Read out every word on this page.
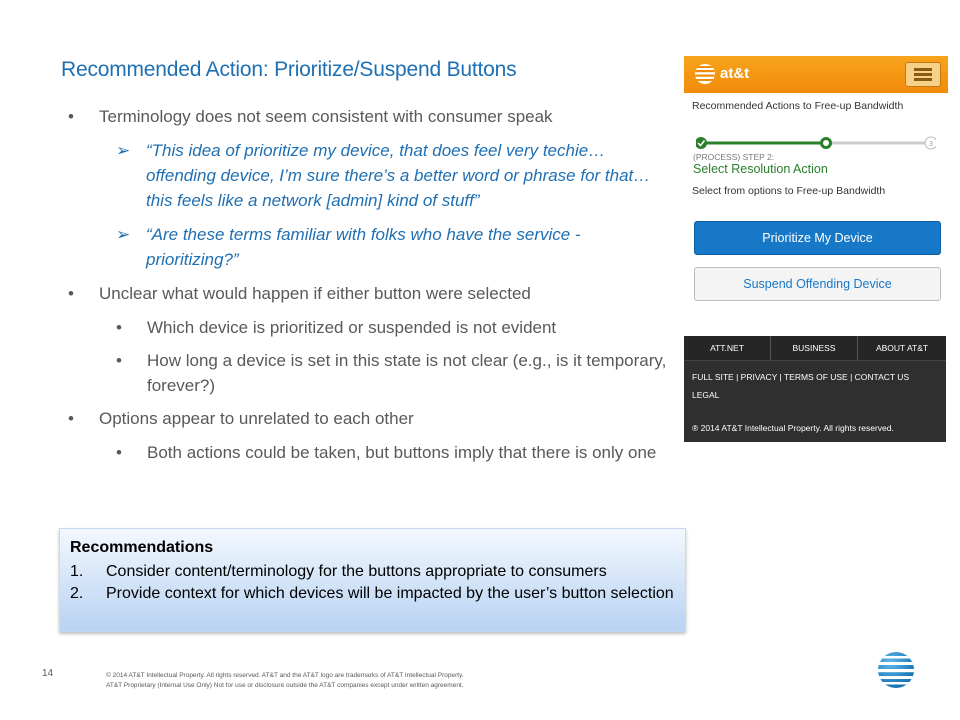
Recommended Action: Prioritize/Suspend Buttons
• Terminology does not seem consistent with consumer speak
➢ “This idea of prioritize my device, that does feel very techie… offending device, I’m sure there’s a better word or phrase for that… this feels like a network [admin] kind of stuff”
➢ “Are these terms familiar with folks who have the service - prioritizing?”
• Unclear what would happen if either button were selected
• Which device is prioritized or suspended is not evident
• How long a device is set in this state is not clear (e.g., is it temporary, forever?)
• Options appear to unrelated to each other
• Both actions could be taken, but buttons imply that there is only one
Recommendations
1. Consider content/terminology for the buttons appropriate to consumers
2. Provide context for which devices will be impacted by the user’s button selection
at&t
Recommended Actions to Free-up Bandwidth
3
(PROCESS) STEP 2:
Select Resolution Action
Select from options to Free-up Bandwidth
Prioritize My Device
Suspend Offending Device
ATT.NET	BUSINESS	ABOUT AT&T
FULL SITE | PRIVACY | TERMS OF USE | CONTACT US
LEGAL
® 2014 AT&T Intellectual Property. All rights reserved.
14	© 2014 AT&T Intellectual Property. All rights reserved. AT&T and the AT&T logo are trademarks of AT&T Intellectual Property.
AT&T Proprietary (Internal Use Only) Not for use or disclosure outside the AT&T companies except under written agreement.
